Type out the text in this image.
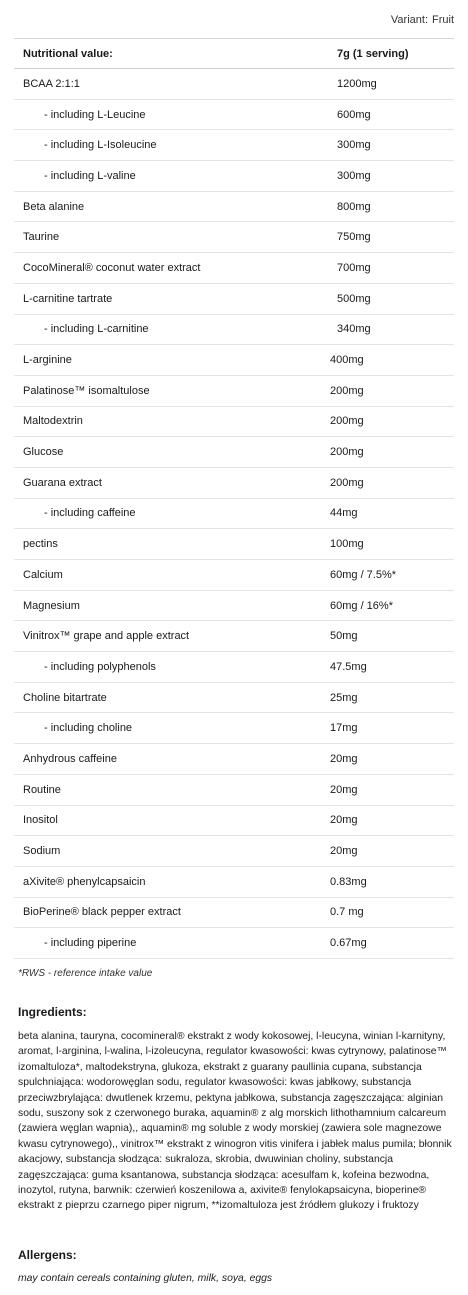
Variant: Fruit
Nutritional value:	7g (1 serving)
BCAA 2:1:1	1200mg
- including L-Leucine	600mg
- including L-Isoleucine	300mg
- including L-valine	300mg
Beta alanine	800mg
Taurine	750mg
CocoMineral® coconut water extract	700mg
L-carnitine tartrate	500mg
- including L-carnitine	340mg
L-arginine	400mg
Palatinose™ isomaltulose	200mg
Maltodextrin	200mg
Glucose	200mg
Guarana extract	200mg
- including caffeine	44mg
pectins	100mg
Calcium	60mg / 7.5%*
Magnesium	60mg / 16%*
Vinitrox™ grape and apple extract	50mg
- including polyphenols	47.5mg
Choline bitartrate	25mg
- including choline	17mg
Anhydrous caffeine	20mg
Routine	20mg
Inositol	20mg
Sodium	20mg
aXivite® phenylcapsaicin	0.83mg
BioPerine® black pepper extract	0.7 mg
- including piperine	0.67mg
*RWS - reference intake value
Ingredients:
beta alanina, tauryna, cocomineral® ekstrakt z wody kokosowej, l-leucyna, winian l-karnityny, aromat, l-arginina, l-walina, l-izoleucyna, regulator kwasowości: kwas cytrynowy, palatinose™ izomaltuloza*, maltodekstryna, glukoza, ekstrakt z guarany paullinia cupana, substancja spulchniająca: wodorowęglan sodu, regulator kwasowości: kwas jabłkowy, substancja przeciwzbrylająca: dwutlenek krzemu, pektyna jabłkowa, substancja zagęszczająca: alginian sodu, suszony sok z czerwonego buraka, aquamin® z alg morskich lithothamnium calcareum (zawiera węglan wapnia),, aquamin® mg soluble z wody morskiej (zawiera sole magnezowe kwasu cytrynowego),, vinitrox™ ekstrakt z winogron vitis vinifera i jabłek malus pumila; błonnik akacjowy, substancja słodząca: sukraloza, skrobia, dwuwinian choliny, substancja zagęszczająca: guma ksantanowa, substancja słodząca: acesulfam k, kofeina bezwodna, inozytol, rutyna, barwnik: czerwień koszenilowa a, axivite® fenylokapsaicyna, bioperine® ekstrakt z pieprzu czarnego piper nigrum, **izomaltuloza jest źródłem glukozy i fruktozy
Allergens:
may contain cereals containing gluten, milk, soya, eggs
